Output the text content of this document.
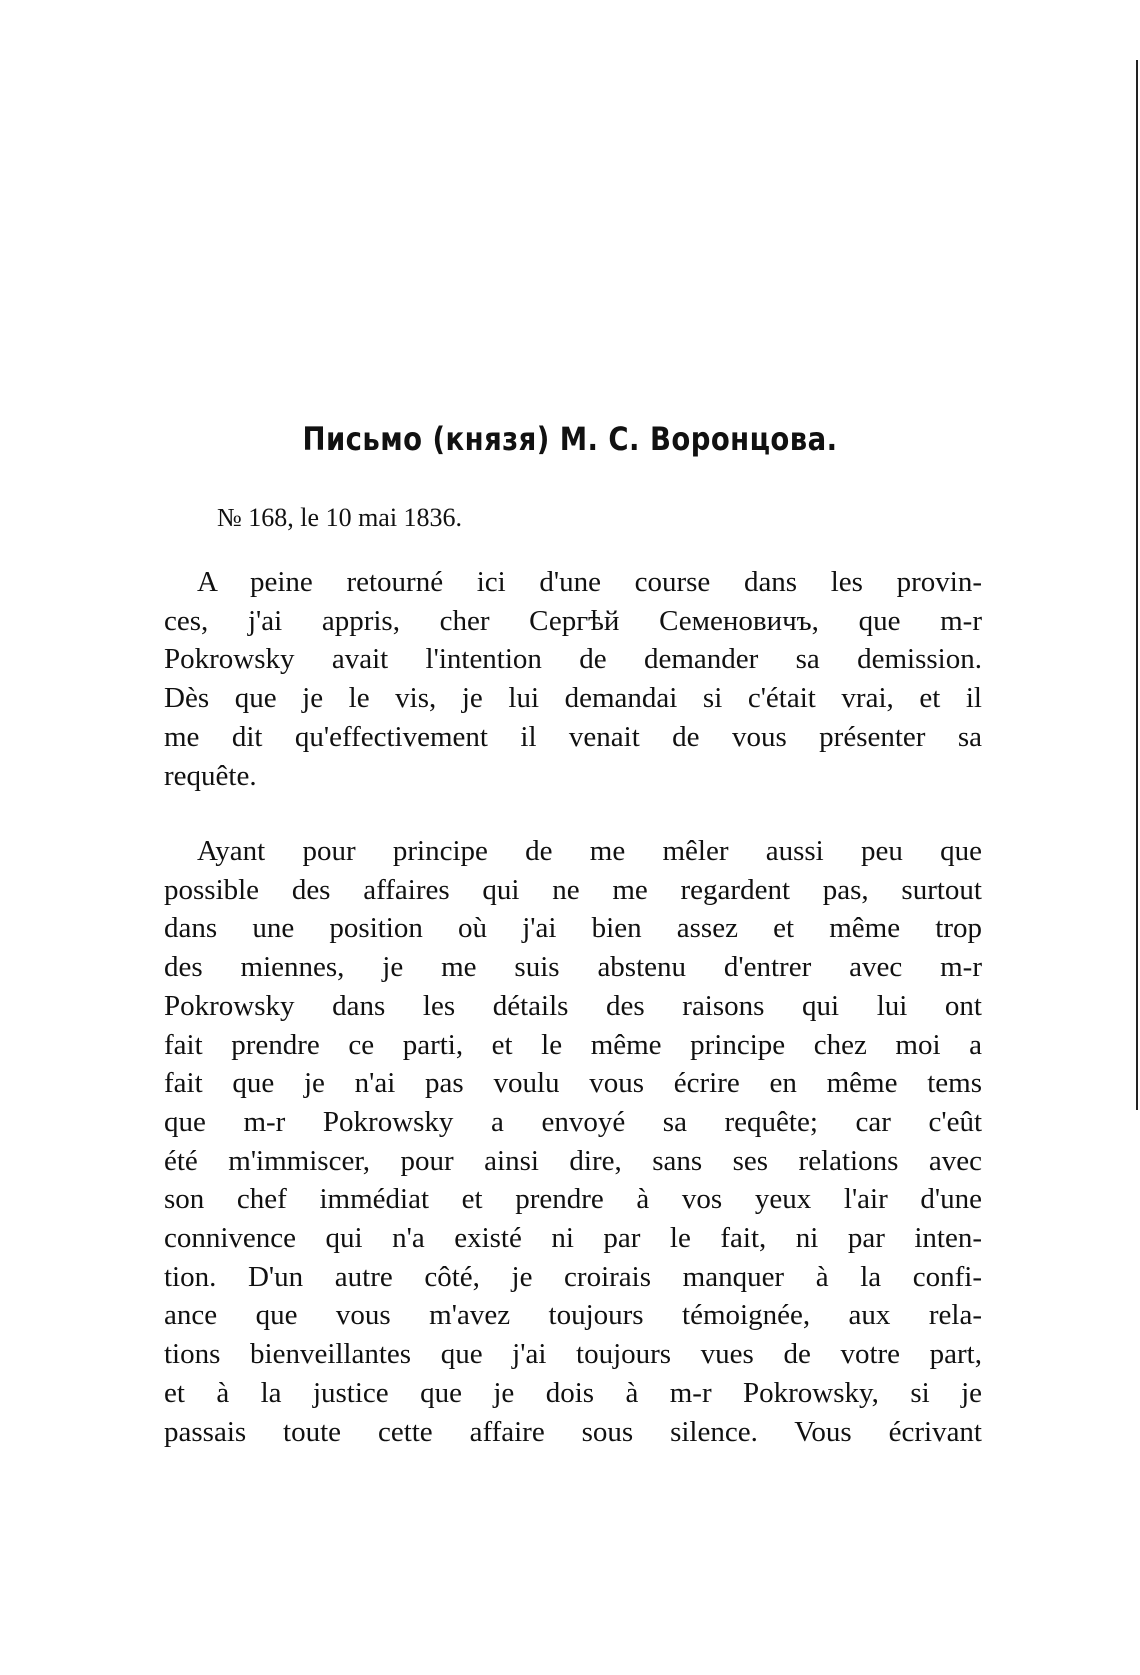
Письмо (князя) М. С. Воронцова.
№ 168, le 10 mai 1836.
A peine retourné ici d'une course dans les provin-
ces, j'ai appris, cher Сергѣй Семеновичъ, que m-r
Pokrowsky avait l'intention de demander sa demission.
Dès que je le vis, je lui demandai si c'était vrai, et il
me dit qu'effectivement il venait de vous présenter sa
requête.
Ayant pour principe de me mêler aussi peu que
possible des affaires qui ne me regardent pas, surtout
dans une position où j'ai bien assez et même trop
des miennes, je me suis abstenu d'entrer avec m-r
Pokrowsky dans les détails des raisons qui lui ont
fait prendre ce parti, et le même principe chez moi a
fait que je n'ai pas voulu vous écrire en même tems
que m-r Pokrowsky a envoyé sa requête; car c'eût
été m'immiscer, pour ainsi dire, sans ses relations avec
son chef immédiat et prendre à vos yeux l'air d'une
connivence qui n'a existé ni par le fait, ni par inten-
tion. D'un autre côté, je croirais manquer à la confi-
ance que vous m'avez toujours témoignée, aux rela-
tions bienveillantes que j'ai toujours vues de votre part,
et à la justice que je dois à m-r Pokrowsky, si je
passais toute cette affaire sous silence. Vous écrivant
